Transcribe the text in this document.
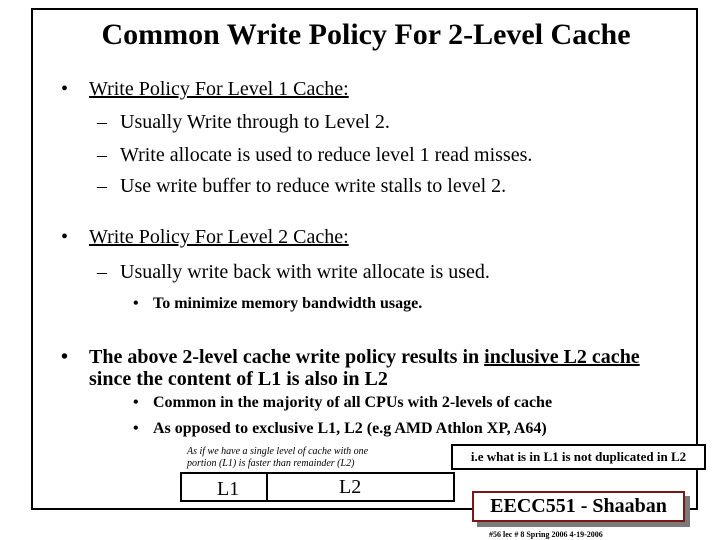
Common Write Policy For 2-Level Cache
• Write Policy For Level 1 Cache:
– Usually Write through to Level 2.
– Write allocate is used to reduce level 1 read misses.
– Use write buffer to reduce write stalls to level 2.
• Write Policy For Level 2 Cache:
– Usually write back with write allocate is used.
• To minimize memory bandwidth usage.
• The above 2-level cache write policy results in inclusive L2 cache
since the content of L1 is also in L2
• Common in the majority of all CPUs with 2-levels of cache
• As opposed to exclusive L1, L2 (e.g AMD Athlon XP, A64)
As if we have a single level of cache with one portion (L1) is faster than remainder (L2)	i.e what is in L1 is not duplicated in L2
L1	L2
EECC551 - Shaaban
#56 lec # 8 Spring 2006 4-19-2006
